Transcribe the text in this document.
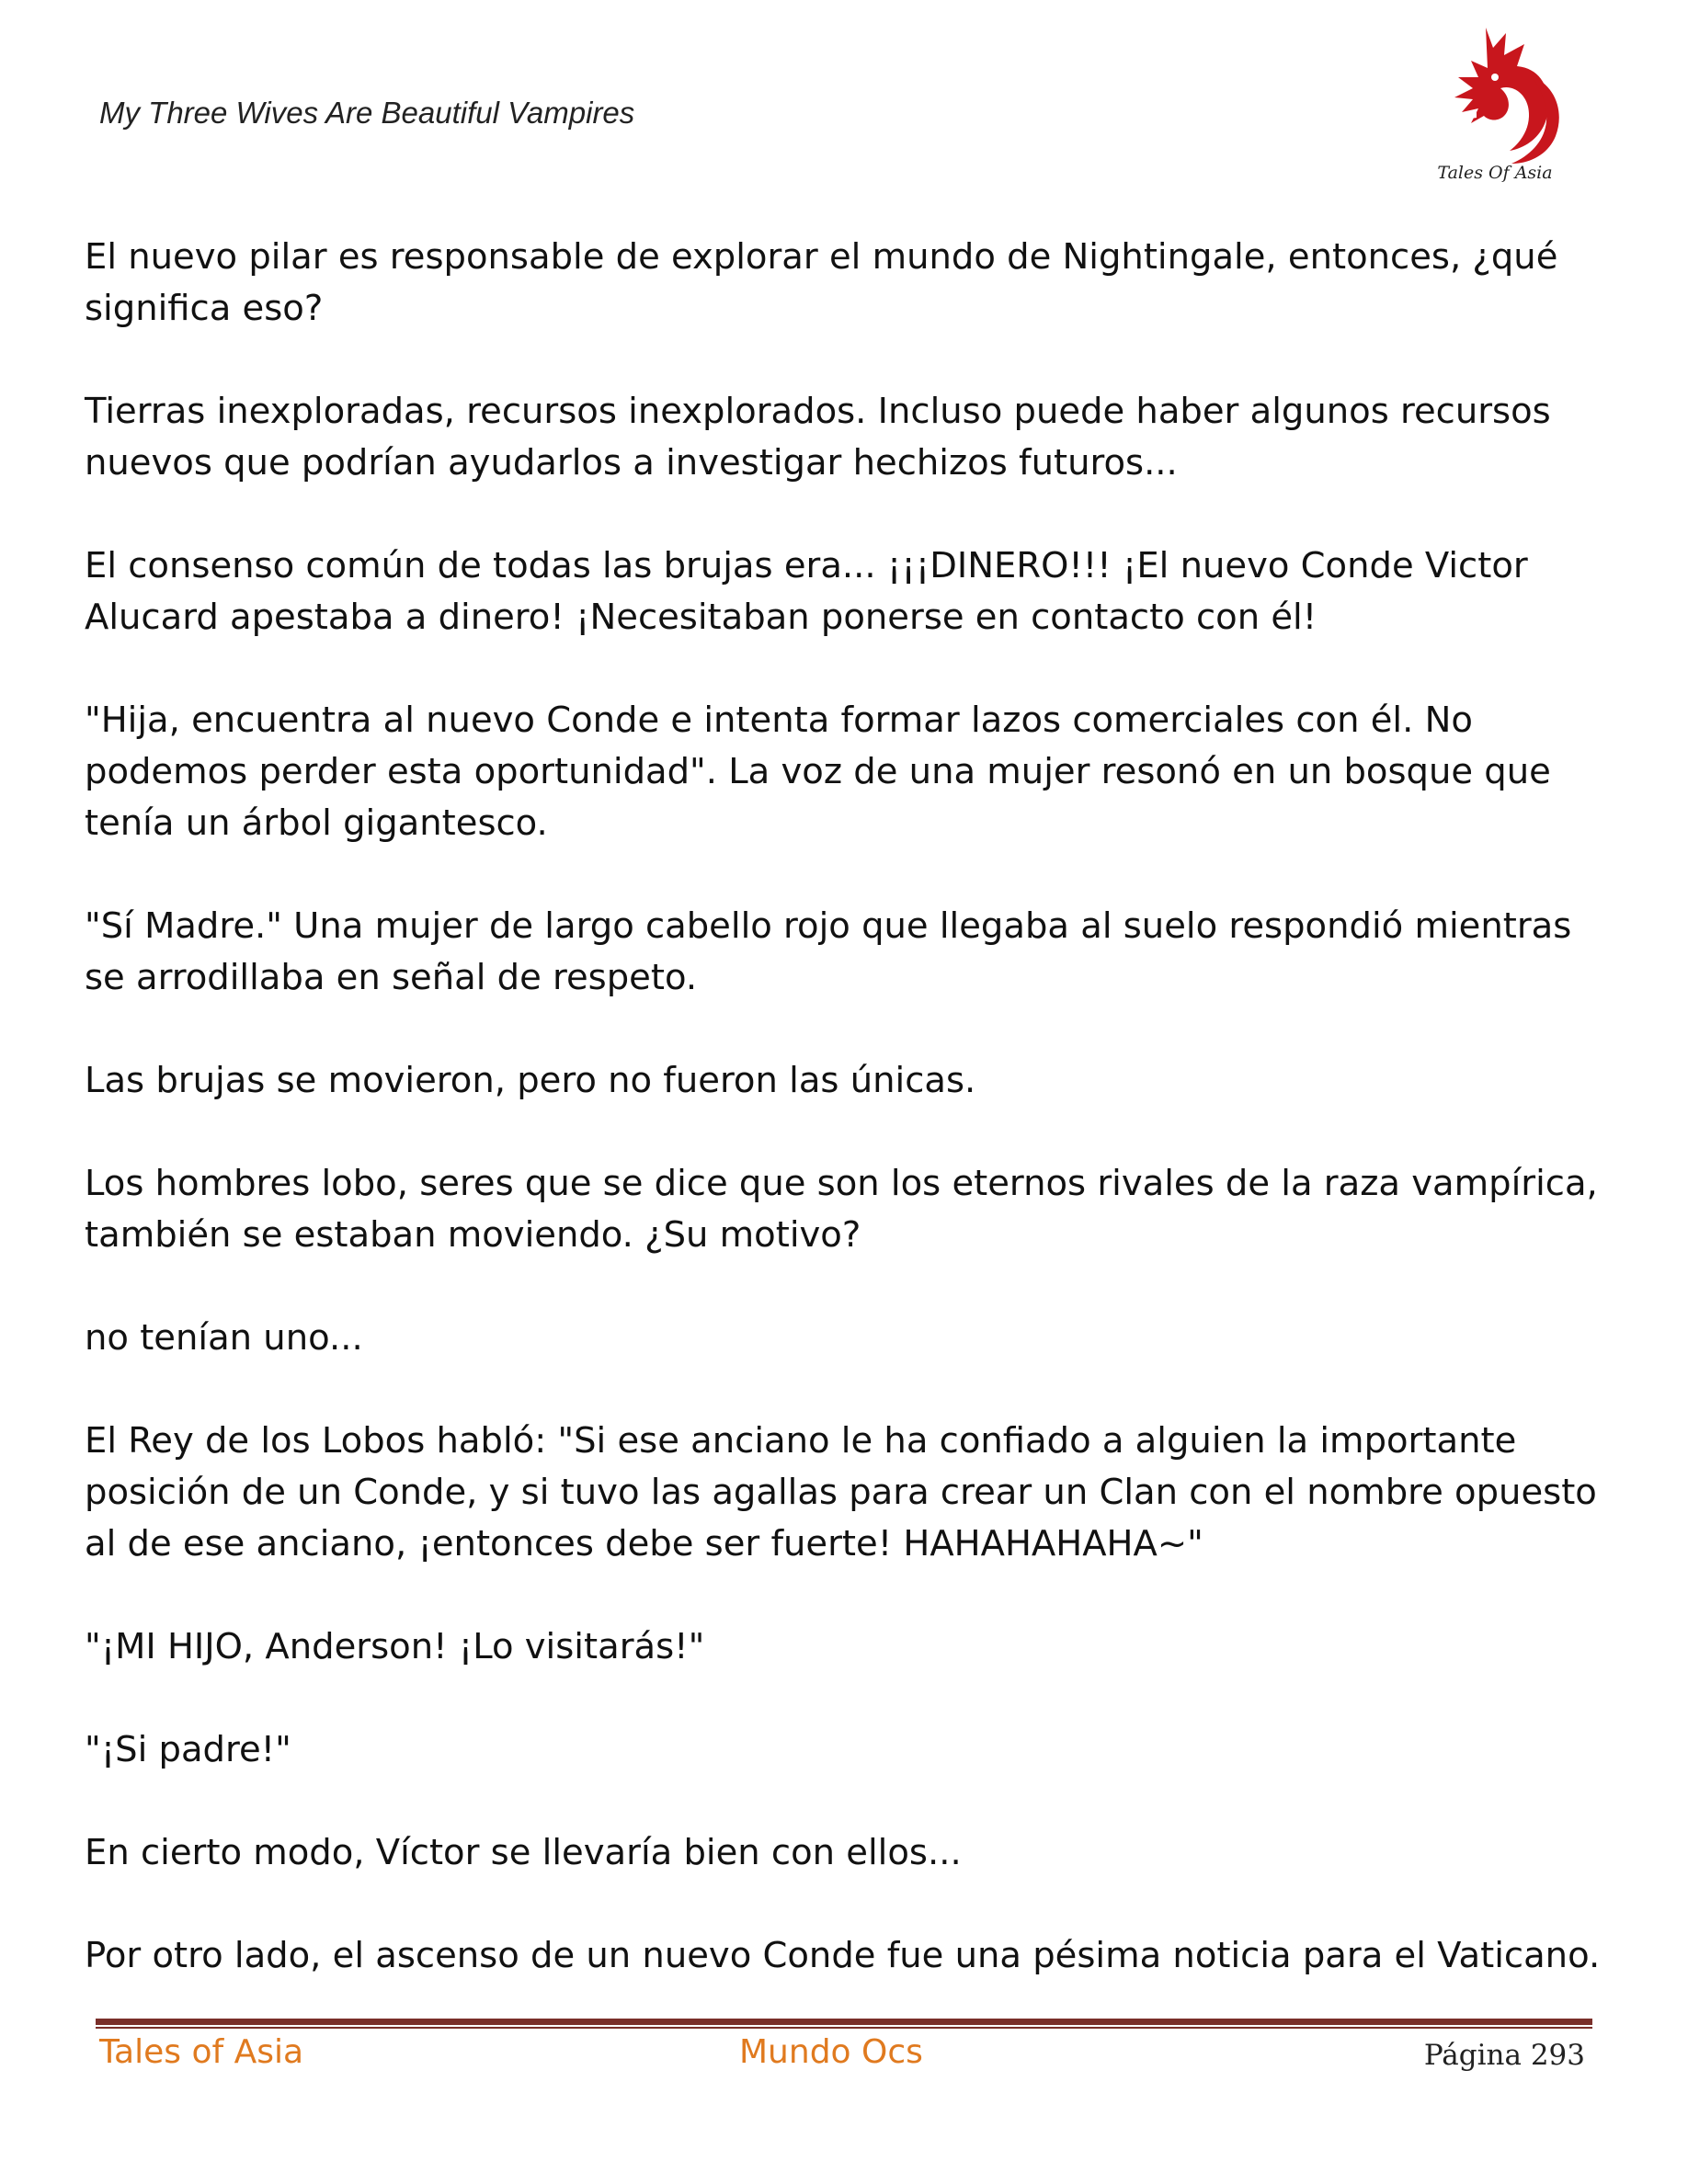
My Three Wives Are Beautiful Vampires
Tales Of Asia

El nuevo pilar es responsable de explorar el mundo de Nightingale, entonces, ¿qué significa eso?

Tierras inexploradas, recursos inexplorados. Incluso puede haber algunos recursos nuevos que podrían ayudarlos a investigar hechizos futuros...

El consenso común de todas las brujas era... ¡¡¡DINERO!!! ¡El nuevo Conde Victor Alucard apestaba a dinero! ¡Necesitaban ponerse en contacto con él!

"Hija, encuentra al nuevo Conde e intenta formar lazos comerciales con él. No podemos perder esta oportunidad". La voz de una mujer resonó en un bosque que tenía un árbol gigantesco.

"Sí Madre." Una mujer de largo cabello rojo que llegaba al suelo respondió mientras se arrodillaba en señal de respeto.

Las brujas se movieron, pero no fueron las únicas.

Los hombres lobo, seres que se dice que son los eternos rivales de la raza vampírica, también se estaban moviendo. ¿Su motivo?

no tenían uno...

El Rey de los Lobos habló: "Si ese anciano le ha confiado a alguien la importante posición de un Conde, y si tuvo las agallas para crear un Clan con el nombre opuesto al de ese anciano, ¡entonces debe ser fuerte! HAHAHAHAHA~"

"¡MI HIJO, Anderson! ¡Lo visitarás!"

"¡Si padre!"

En cierto modo, Víctor se llevaría bien con ellos...

Por otro lado, el ascenso de un nuevo Conde fue una pésima noticia para el Vaticano.

Tales of Asia	Mundo Ocs	Página 293
